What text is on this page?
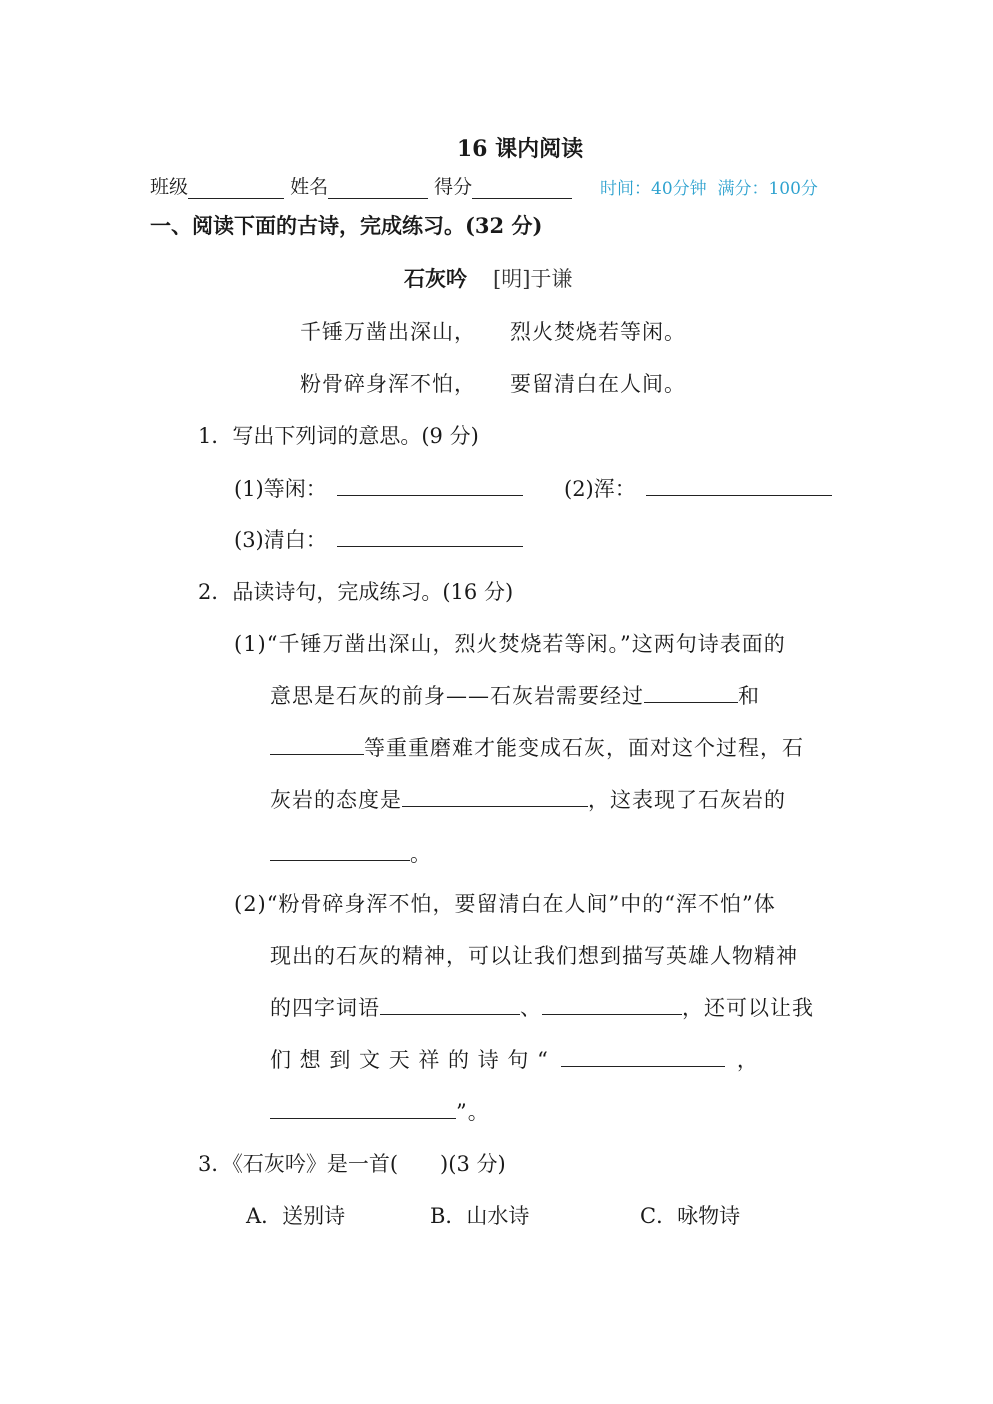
16 课内阅读
班级	姓名	得分	时间：40分钟 满分：100分
一、阅读下面的古诗，完成练习。(32 分)
石灰吟 [明]于谦
千锤万凿出深山， 烈火焚烧若等闲。
粉骨碎身浑不怕， 要留清白在人间。
1．写出下列词的意思。(9 分)
(1)等闲：	(2)浑：
(3)清白：
2．品读诗句，完成练习。(16 分)
(1)“千锤万凿出深山，烈火焚烧若等闲。”这两句诗表面的
意思是石灰的前身——石灰岩需要经过	和
等重重磨难才能变成石灰，面对这个过程，石
灰岩的态度是	，这表现了石灰岩的
。
(2)“粉骨碎身浑不怕，要留清白在人间”中的“浑不怕”体
现出的石灰的精神，可以让我们想到描写英雄人物精神
的四字词语	、	，还可以让我
们 想 到 文 天 祥 的 诗 句 “	，
”。
3．《石灰吟》是一首(　　)(3 分)
A．送别诗	B．山水诗	C．咏物诗
